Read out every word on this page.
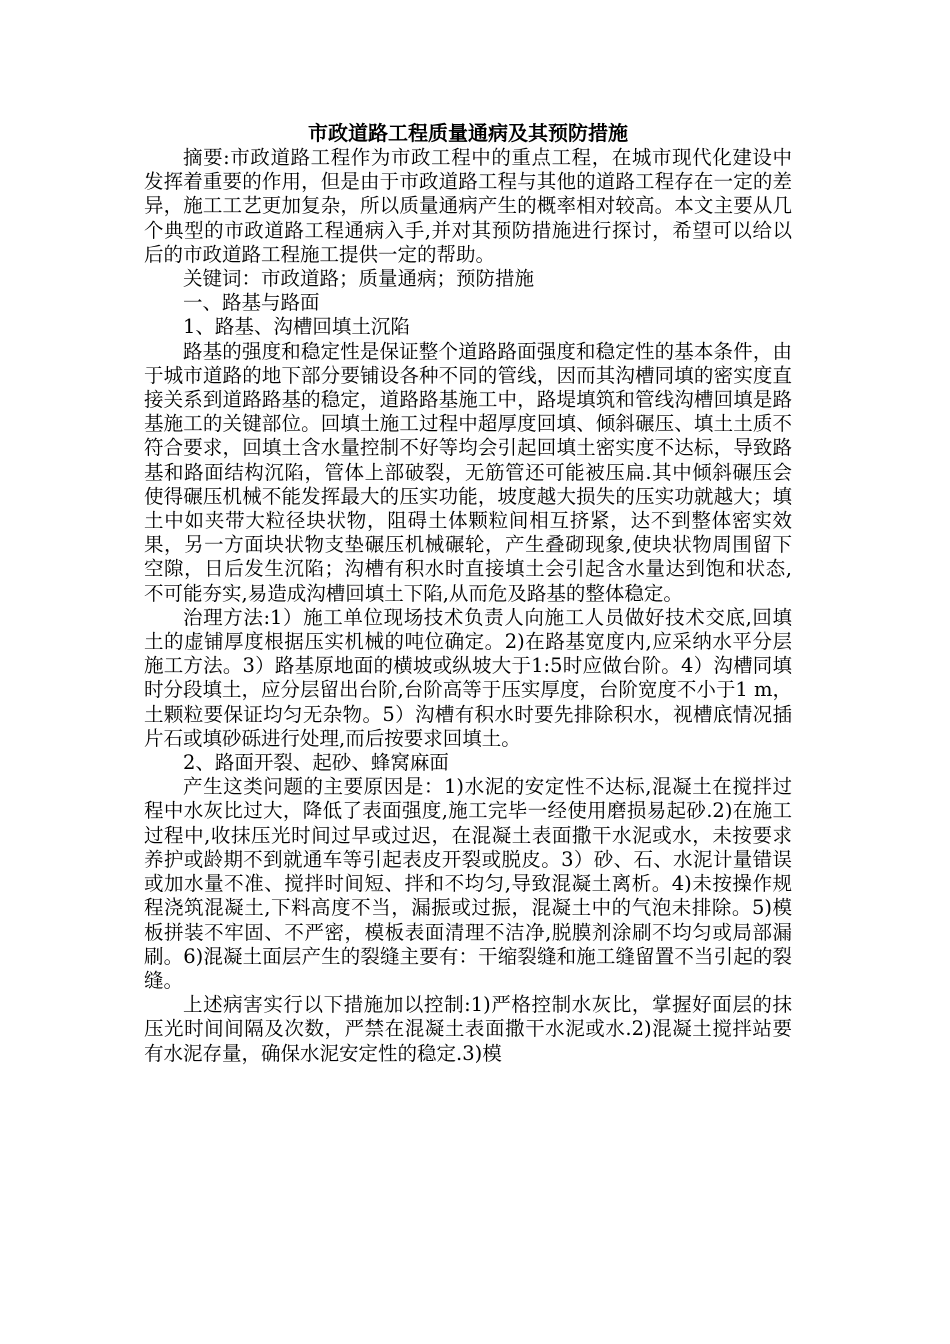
市政道路工程质量通病及其预防措施

摘要:市政道路工程作为市政工程中的重点工程，在城市现代化建设中发挥着重要的作用，但是由于市政道路工程与其他的道路工程存在一定的差异，施工工艺更加复杂，所以质量通病产生的概率相对较高。本文主要从几个典型的市政道路工程通病入手,并对其预防措施进行探讨，希望可以给以后的市政道路工程施工提供一定的帮助。

关键词：市政道路；质量通病；预防措施

一、路基与路面

1、路基、沟槽回填土沉陷

路基的强度和稳定性是保证整个道路路面强度和稳定性的基本条件，由于城市道路的地下部分要铺设各种不同的管线，因而其沟槽同填的密实度直接关系到道路路基的稳定，道路路基施工中，路堤填筑和管线沟槽回填是路基施工的关键部位。回填土施工过程中超厚度回填、倾斜碾压、填土土质不符合要求，回填土含水量控制不好等均会引起回填土密实度不达标，导致路基和路面结构沉陷，管体上部破裂，无筋管还可能被压扁.其中倾斜碾压会使得碾压机械不能发挥最大的压实功能，坡度越大损失的压实功就越大；填土中如夹带大粒径块状物，阻碍土体颗粒间相互挤紧，达不到整体密实效果，另一方面块状物支垫碾压机械碾轮，产生叠砌现象,使块状物周围留下空隙，日后发生沉陷；沟槽有积水时直接填土会引起含水量达到饱和状态,不可能夯实,易造成沟槽回填土下陷,从而危及路基的整体稳定。

治理方法:1）施工单位现场技术负责人向施工人员做好技术交底,回填土的虚铺厚度根据压实机械的吨位确定。2)在路基宽度内,应采纳水平分层施工方法。3）路基原地面的横坡或纵坡大于1:5时应做台阶。4）沟槽同填时分段填土，应分层留出台阶,台阶高等于压实厚度，台阶宽度不小于1 m，土颗粒要保证均匀无杂物。5）沟槽有积水时要先排除积水，视槽底情况插片石或填砂砾进行处理,而后按要求回填土。

2、路面开裂、起砂、蜂窝麻面

产生这类问题的主要原因是：1)水泥的安定性不达标,混凝土在搅拌过程中水灰比过大，降低了表面强度,施工完毕一经使用磨损易起砂.2)在施工过程中,收抹压光时间过早或过迟，在混凝土表面撒干水泥或水，未按要求养护或龄期不到就通车等引起表皮开裂或脱皮。3）砂、石、水泥计量错误或加水量不准、搅拌时间短、拌和不均匀,导致混凝土离析。4)未按操作规程浇筑混凝土,下料高度不当，漏振或过振，混凝土中的气泡未排除。5)模板拼装不牢固、不严密，模板表面清理不洁净,脱膜剂涂刷不均匀或局部漏刷。6)混凝土面层产生的裂缝主要有：干缩裂缝和施工缝留置不当引起的裂缝。

上述病害实行以下措施加以控制:1)严格控制水灰比，掌握好面层的抹压光时间间隔及次数，严禁在混凝土表面撒干水泥或水.2)混凝土搅拌站要有水泥存量，确保水泥安定性的稳定.3)模
